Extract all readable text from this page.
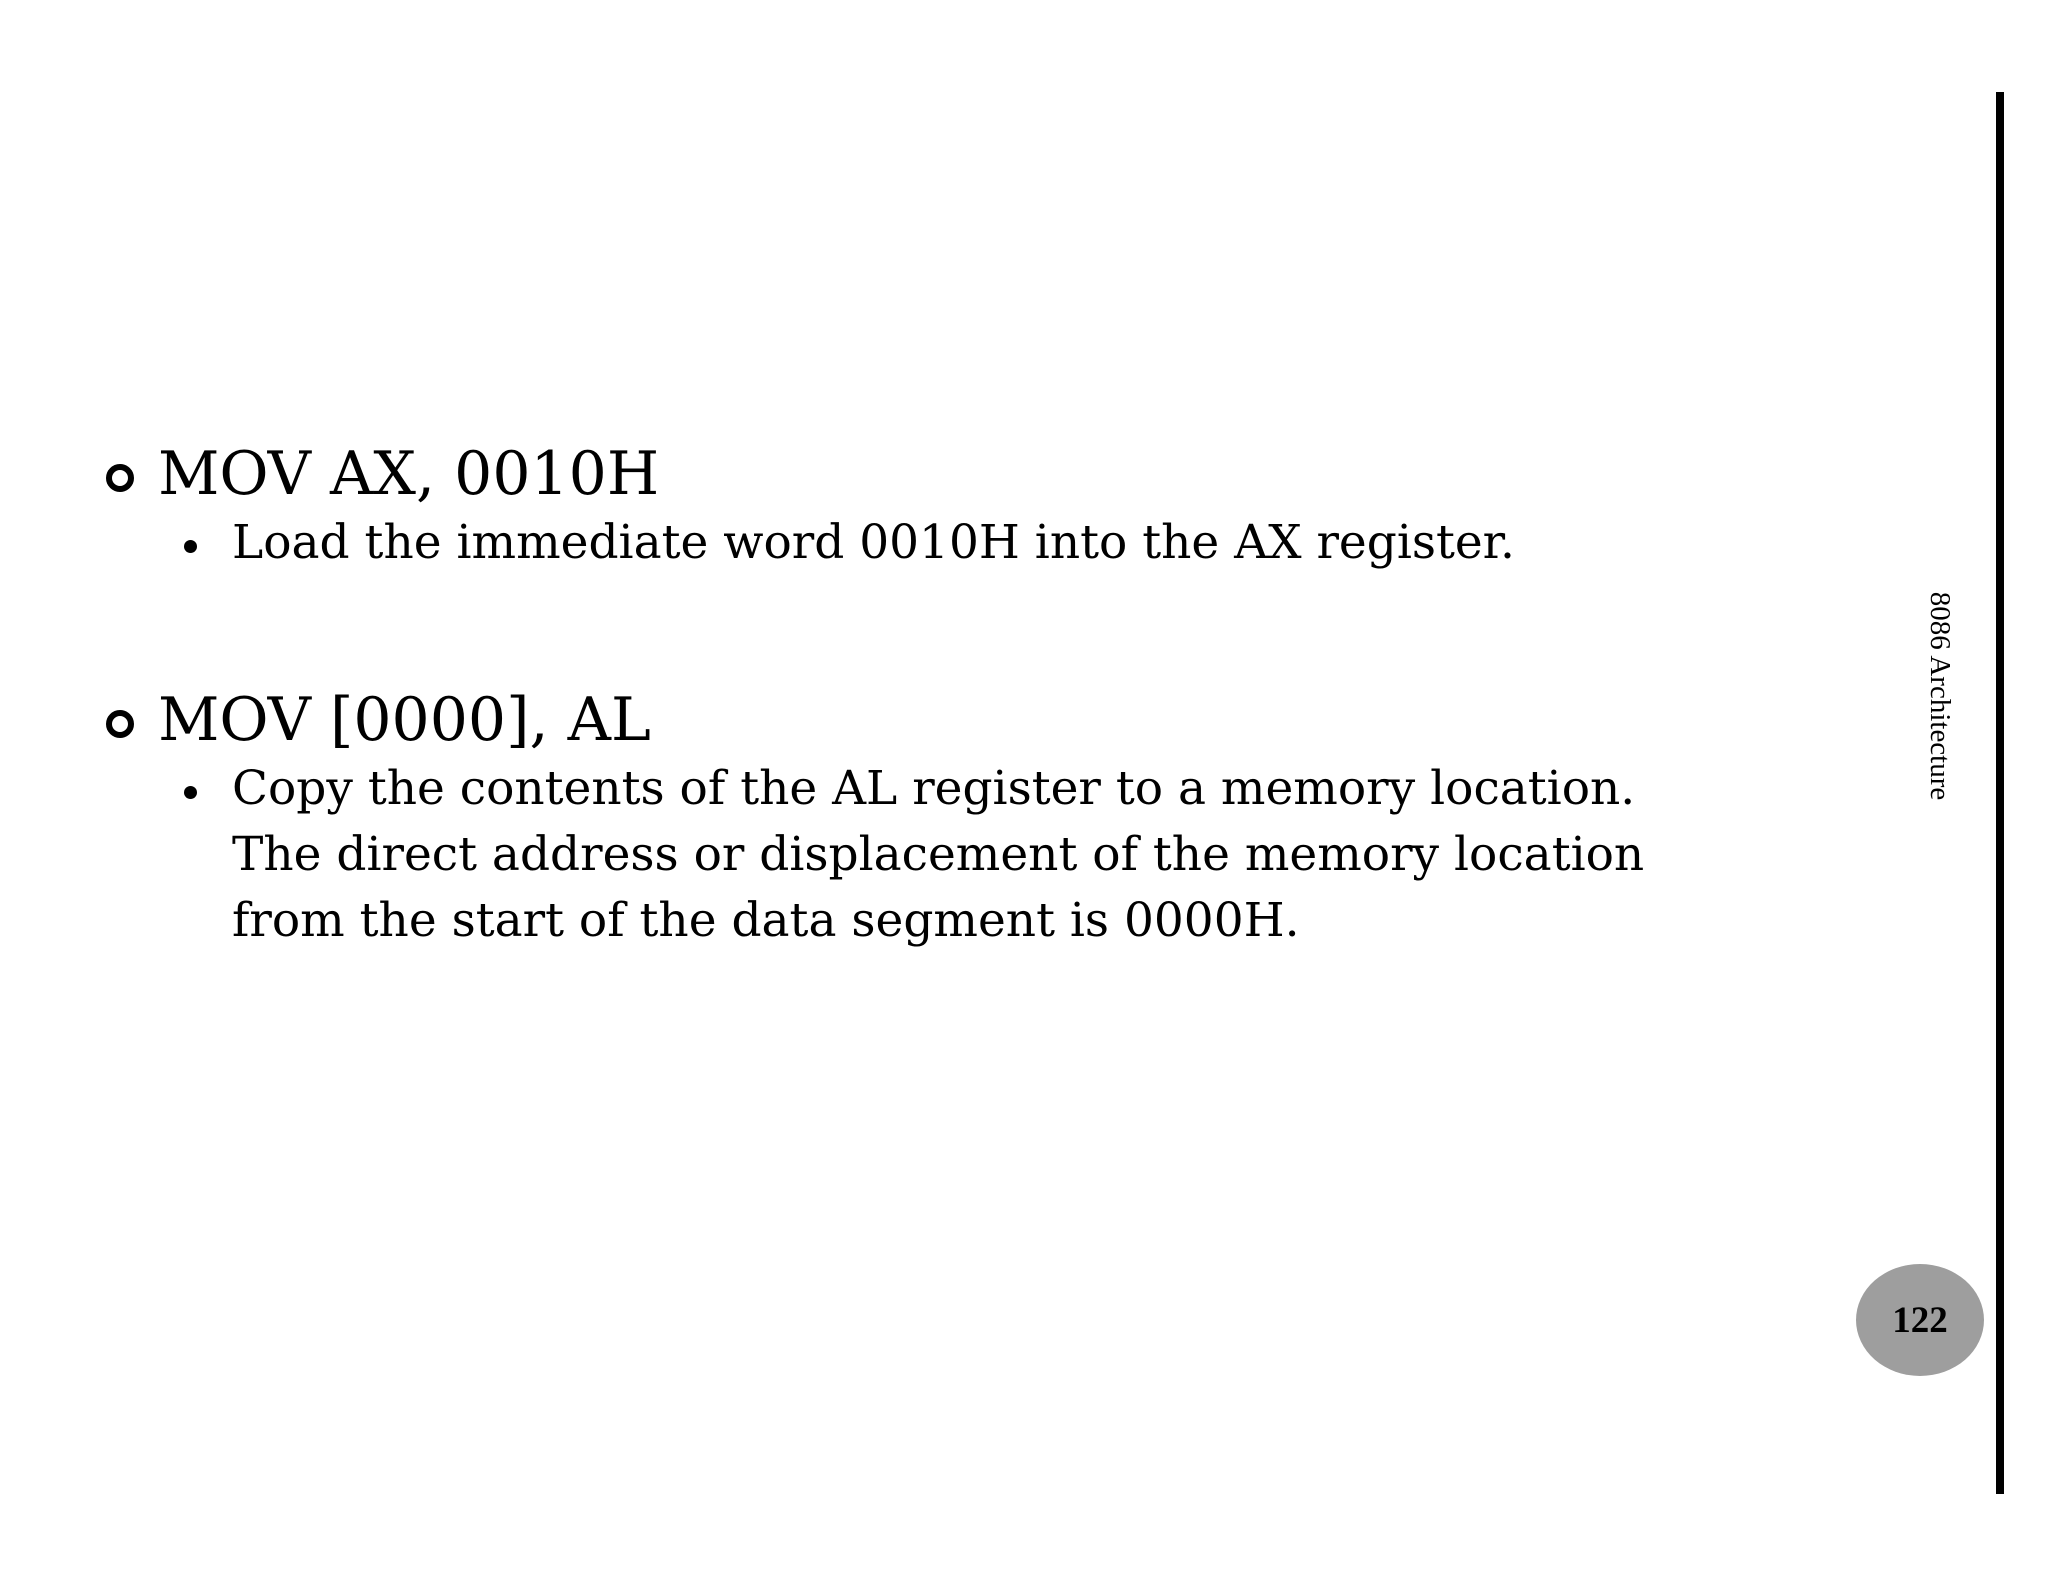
MOV AX, 0010H
Load the immediate word 0010H into the AX register.
MOV [0000], AL
Copy the contents of the AL register to a memory location.
The direct address or displacement of the memory location
from the start of the data segment is 0000H.
8086 Architecture
122
